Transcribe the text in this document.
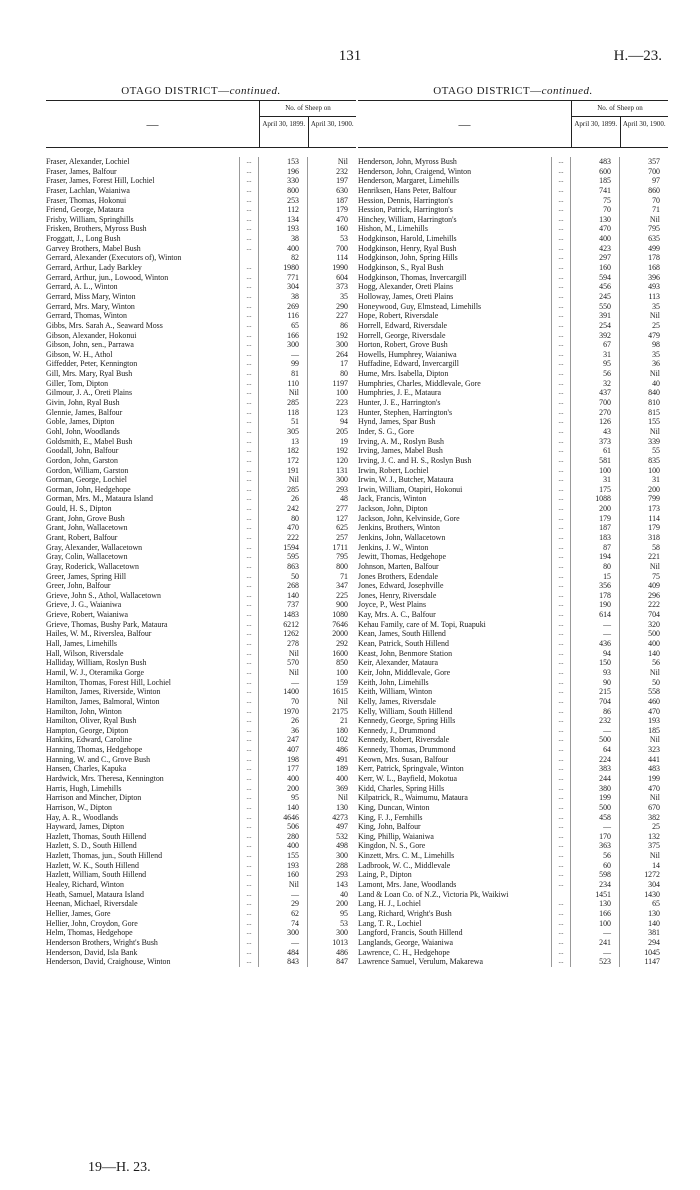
131	H.—23.
OTAGO DISTRICT—continued.
—
No. of Sheep on
April 30, 1899. April 30, 1900.
Fraser, Alexander, Lochiel	...	153	Nil
Fraser, James, Balfour	...	196	232
Fraser, James, Forest Hill, Lochiel	...	330	197
Fraser, Lachlan, Waianiwa	...	800	630
Fraser, Thomas, Hokonui	...	253	187
Friend, George, Mataura	...	112	179
Frisby, William, Springhills	...	134	470
Frisken, Brothers, Myross Bush	...	193	160
Froggatt, J., Long Bush	...	38	53
Garvey Brothers, Mabel Bush	...	400	700
Gerrard, Alexander (Executors of), Winton	82	114
Gerrard, Arthur, Lady Barkley	...	1980	1990
Gerrard, Arthur, jun., Lowood, Winton	...	771	604
Gerrard, A. L., Winton	...	304	373
Gerrard, Miss Mary, Winton	...	38	35
Gerrard, Mrs. Mary, Winton	...	269	290
Gerrard, Thomas, Winton	...	116	227
Gibbs, Mrs. Sarah A., Seaward Moss	...	65	86
Gibson, Alexander, Hokonui	...	166	192
Gibson, John, sen., Parrawa	...	300	300
Gibson, W. H., Athol	...	—	264
Giffedder, Peter, Kennington	...	99	17
Gill, Mrs. Mary, Ryal Bush	...	81	80
Giller, Tom, Dipton	...	110	1197
Gilmour, J. A., Oreti Plains	...	Nil	100
Givin, John, Ryal Bush	...	285	223
Glennie, James, Balfour	...	118	123
Goble, James, Dipton	...	51	94
Gohl, John, Woodlands	...	305	205
Goldsmith, E., Mabel Bush	...	13	19
Goodall, John, Balfour	...	182	192
Gordon, John, Garston	...	172	120
Gordon, William, Garston	...	191	131
Gorman, George, Lochiel	...	Nil	300
Gorman, John, Hedgehope	...	285	293
Gorman, Mrs. M., Mataura Island	...	26	48
Gould, H. S., Dipton	...	242	277
Grant, John, Grove Bush	...	80	127
Grant, John, Wallacetown	...	470	625
Grant, Robert, Balfour	...	222	257
Gray, Alexander, Wallacetown	...	1594	1711
Gray, Colin, Wallacetown	...	595	795
Gray, Roderick, Wallacetown	...	863	800
Greer, James, Spring Hill	...	50	71
Greer, John, Balfour	...	268	347
Grieve, John S., Athol, Wallacetown	...	140	225
Grieve, J. G., Waianiwa	...	737	900
Grieve, Robert, Waianiwa	...	1483	1080
Grieve, Thomas, Bushy Park, Mataura	...	6212	7646
Hailes, W. M., Riverslea, Balfour	...	1262	2000
Hall, James, Limehills	...	278	292
Hall, Wilson, Riversdale	...	Nil	1600
Halliday, William, Roslyn Bush	...	570	850
Hamil, W. J., Oteramika Gorge	...	Nil	100
Hamilton, Thomas, Forest Hill, Lochiel	...	—	159
Hamilton, James, Riverside, Winton	...	1400	1615
Hamilton, James, Balmoral, Winton	...	70	Nil
Hamilton, John, Winton	...	1970	2175
Hamilton, Oliver, Ryal Bush	...	26	21
Hampton, George, Dipton	...	36	180
Hankins, Edward, Caroline	...	247	102
Hanning, Thomas, Hedgehope	...	407	486
Hanning, W. and C., Grove Bush	...	198	491
Hansen, Charles, Kapuka	...	177	189
Hardwick, Mrs. Theresa, Kennington	...	400	400
Harris, Hugh, Limehills	...	200	369
Harrison and Mincher, Dipton	...	95	Nil
Harrison, W., Dipton	...	140	130
Hay, A. R., Woodlands	...	4646	4273
Hayward, James, Dipton	...	506	497
Hazlett, Thomas, South Hillend	...	280	532
Hazlett, S. D., South Hillend	...	400	498
Hazlett, Thomas, jun., South Hillend	...	155	300
Hazlett, W. K., South Hillend	...	193	288
Hazlett, William, South Hillend	...	160	293
Healey, Richard, Winton	...	Nil	143
Heath, Samuel, Mataura Island	...	—	40
Heenan, Michael, Riversdale	...	29	200
Hellier, James, Gore	...	62	95
Hellier, John, Croydon, Gore	...	74	53
Helm, Thomas, Hedgehope	...	300	300
Henderson Brothers, Wright's Bush	...	—	1013
Henderson, David, Isla Bank	...	484	486
Henderson, David, Craighouse, Winton	...	843	847
OTAGO DISTRICT—continued.
—
No. of Sheep on
April 30, 1899. April 30, 1900.
Henderson, John, Myross Bush	...	483	357
Henderson, John, Craigend, Winton	...	600	700
Henderson, Margaret, Limehills	...	185	97
Henriksen, Hans Peter, Balfour	...	741	860
Hession, Dennis, Harrington's	...	75	70
Hession, Patrick, Harrington's	...	70	71
Hinchey, William, Harrington's	...	130	Nil
Hishon, M., Limehills	...	470	795
Hodgkinson, Harold, Limehills	...	400	635
Hodgkinson, Henry, Ryal Bush	...	423	499
Hodgkinson, John, Spring Hills	...	297	178
Hodgkinson, S., Ryal Bush	...	160	168
Hodgkinson, Thomas, Invercargill	...	594	396
Hogg, Alexander, Oreti Plains	...	456	493
Holloway, James, Oreti Plains	...	245	113
Honeywood, Guy, Elmstead, Limehills	...	550	35
Hope, Robert, Riversdale	...	391	Nil
Horrell, Edward, Riversdale	...	254	25
Horrell, George, Riversdale	...	392	479
Horton, Robert, Grove Bush	...	67	98
Howells, Humphrey, Waianiwa	...	31	35
Huffadine, Edward, Invercargill	...	95	36
Hume, Mrs. Isabella, Dipton	...	56	Nil
Humphries, Charles, Middlevale, Gore	...	32	40
Humphries, J. E., Mataura	...	437	840
Hunter, J. E., Harrington's	...	700	810
Hunter, Stephen, Harrington's	...	270	815
Hynd, James, Spar Bush	...	126	155
Inder, S. G., Gore	...	43	Nil
Irving, A. M., Roslyn Bush	...	373	339
Irving, James, Mabel Bush	...	61	55
Irving, J. C. and H. S., Roslyn Bush	...	581	835
Irwin, Robert, Lochiel	...	100	100
Irwin, W. J., Butcher, Mataura	...	31	31
Irwin, William, Otapiri, Hokonui	...	175	200
Jack, Francis, Winton	...	1088	799
Jackson, John, Dipton	...	200	173
Jackson, John, Kelvinside, Gore	...	179	114
Jenkins, Brothers, Winton	...	187	179
Jenkins, John, Wallacetown	...	183	318
Jenkins, J. W., Winton	...	87	58
Jewitt, Thomas, Hedgehope	...	194	221
Johnson, Marten, Balfour	...	80	Nil
Jones Brothers, Edendale	...	15	75
Jones, Edward, Josephville	...	356	409
Jones, Henry, Riversdale	...	178	296
Joyce, P., West Plains	...	190	222
Kay, Mrs. A. C., Balfour	...	614	704
Kehau Family, care of M. Topi, Ruapuki	...	—	320
Kean, James, South Hillend	...	—	500
Kean, Patrick, South Hillend	...	436	400
Keast, John, Benmore Station	...	94	140
Keir, Alexander, Mataura	...	150	56
Keir, John, Middlevale, Gore	...	93	Nil
Keith, John, Limehills	...	90	50
Keith, William, Winton	...	215	558
Kelly, James, Riversdale	...	704	460
Kelly, William, South Hillend	...	86	470
Kennedy, George, Spring Hills	...	232	193
Kennedy, J., Drummond	...	—	185
Kennedy, Robert, Riversdale	...	500	Nil
Kennedy, Thomas, Drummond	...	64	323
Keown, Mrs. Susan, Balfour	...	224	441
Kerr, Patrick, Springvale, Winton	...	383	483
Kerr, W. L., Bayfield, Mokotua	...	244	199
Kidd, Charles, Spring Hills	...	380	470
Kilpatrick, R., Waimumu, Mataura	...	199	Nil
King, Duncan, Winton	...	500	670
King, F. J., Fernhills	...	458	382
King, John, Balfour	...	—	25
King, Phillip, Waianiwa	...	170	132
Kingdon, N. S., Gore	...	363	375
Kinzett, Mrs. C. M., Limehills	...	56	Nil
Ladbrook, W. C., Middlevale	...	60	14
Laing, P., Dipton	...	598	1272
Lamont, Mrs. Jane, Woodlands	...	234	304
Land & Loan Co. of N.Z., Victoria Pk, Waikiwi	1451	1430
Lang, H. J., Lochiel	...	130	65
Lang, Richard, Wright's Bush	...	166	130
Lang, T. R., Lochiel	...	100	140
Langford, Francis, South Hillend	...	—	381
Langlands, George, Waianiwa	...	241	294
Lawrence, C. H., Hedgehope	...	—	1045
Lawrence Samuel, Verulum, Makarewa	...	523	1147
19—H. 23.
